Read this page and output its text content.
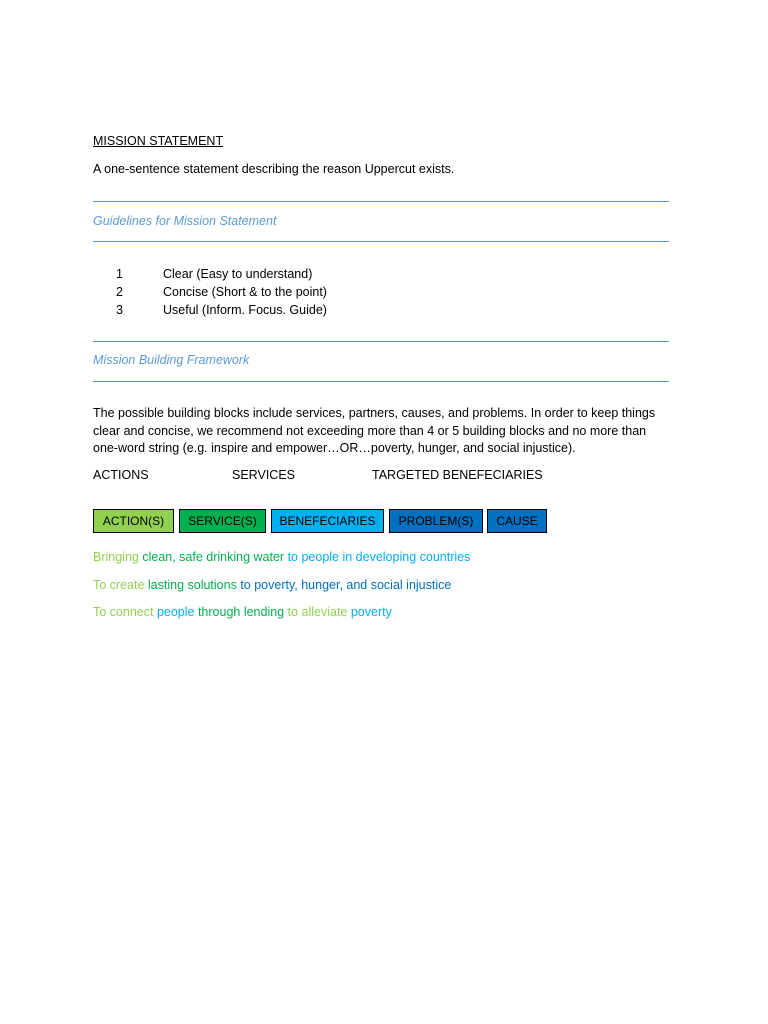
MISSION STATEMENT
A one-sentence statement describing the reason Uppercut exists.
Guidelines for Mission Statement
1	Clear (Easy to understand)
2	Concise (Short & to the point)
3	Useful (Inform. Focus. Guide)
Mission Building Framework
The possible building blocks include services, partners, causes, and problems. In order to keep things
clear and concise, we recommend not exceeding more than 4 or 5 building blocks and no more than
one-word string (e.g. inspire and empower…OR…poverty, hunger, and social injustice).
ACTIONS	SERVICES	TARGETED BENEFECIARIES
ACTION(S)	SERVICE(S)	BENEFECIARIES	PROBLEM(S)	CAUSE
Bringing clean, safe drinking water to people in developing countries
To create lasting solutions to poverty, hunger, and social injustice
To connect people through lending to alleviate poverty
